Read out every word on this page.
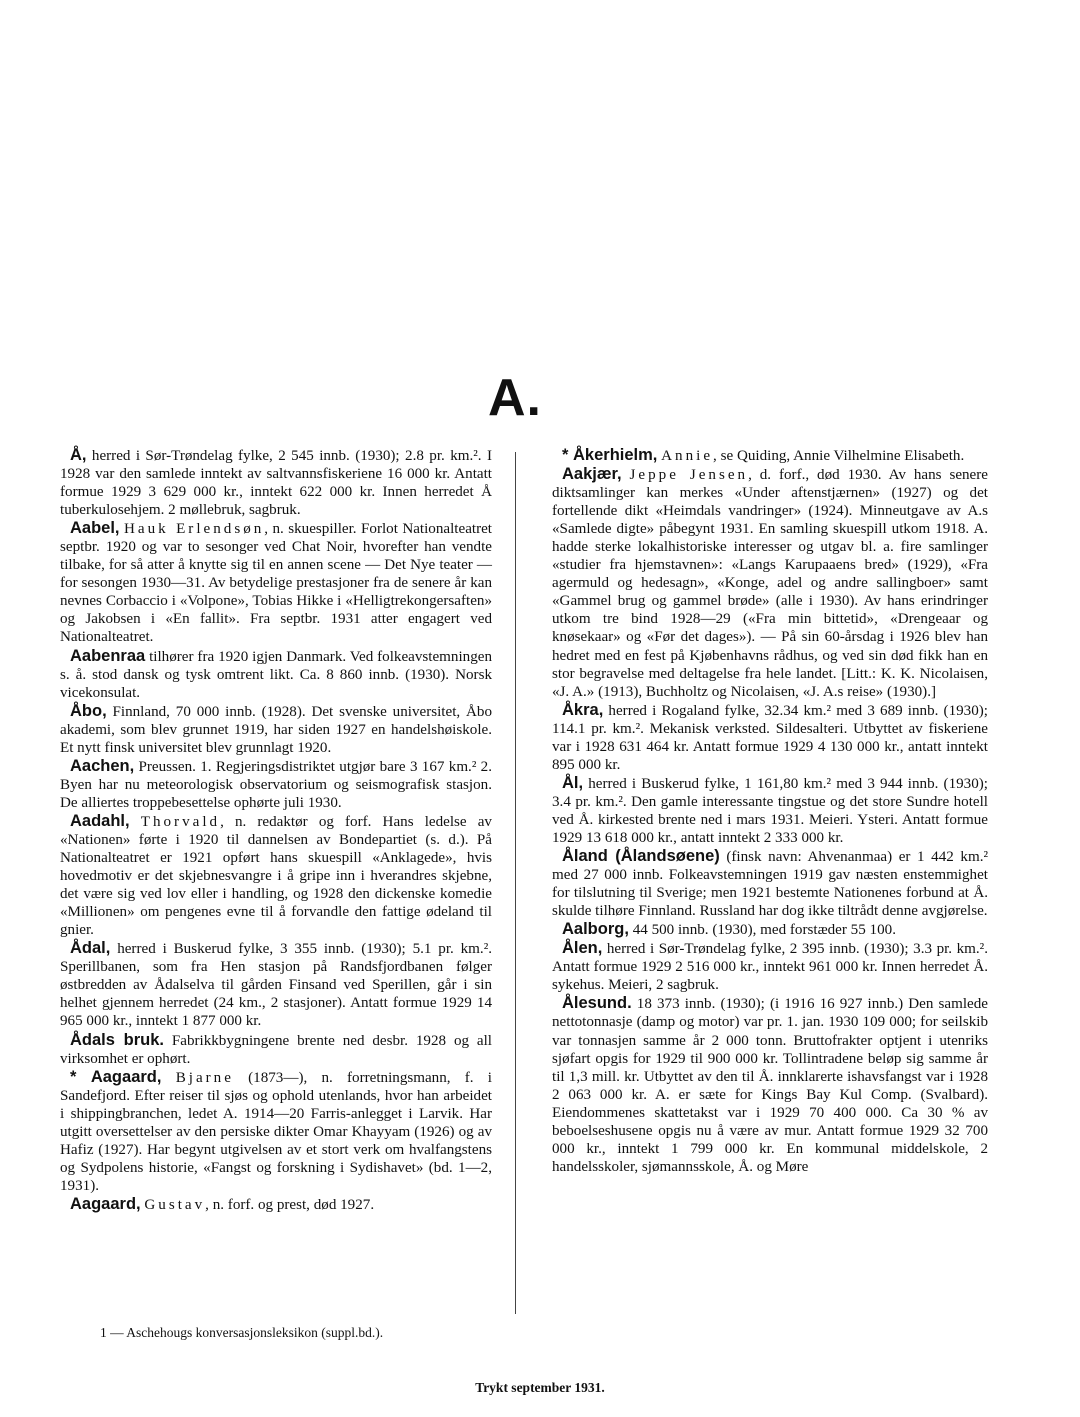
A.

Å, herred i Sør-Trøndelag fylke, 2 545 innb. (1930); 2.8 pr. km.². I 1928 var den samlede inntekt av saltvannsfiskeriene 16 000 kr. Antatt formue 1929 3 629 000 kr., inntekt 622 000 kr. Innen herredet Å tuberkulosehjem. 2 møllebruk, sagbruk.

Aabel, Hauk Erlendsøn, n. skuespiller. Forlot Nationalteatret septbr. 1920 og var to sesonger ved Chat Noir, hvorefter han vendte tilbake, for så atter å knytte sig til en annen scene — Det Nye teater — for sesongen 1930—31. Av betydelige prestasjoner fra de senere år kan nevnes Corbaccio i «Volpone», Tobias Hikke i «Helligtrekongersaften» og Jakobsen i «En fallit». Fra septbr. 1931 atter engagert ved Nationalteatret.

Aabenraa tilhører fra 1920 igjen Danmark. Ved folkeavstemningen s. å. stod dansk og tysk omtrent likt. Ca. 8 860 innb. (1930). Norsk vicekonsulat.

Åbo, Finnland, 70 000 innb. (1928). Det svenske universitet, Åbo akademi, som blev grunnet 1919, har siden 1927 en handelshøiskole. Et nytt finsk universitet blev grunnlagt 1920.

Aachen, Preussen. 1. Regjeringsdistriktet utgjør bare 3 167 km.² 2. Byen har nu meteorologisk observatorium og seismografisk stasjon. De alliertes troppebesettelse ophørte juli 1930.

Aadahl, Thorvald, n. redaktør og forf. Hans ledelse av «Nationen» førte i 1920 til dannelsen av Bondepartiet (s. d.). På Nationalteatret er 1921 opført hans skuespill «Anklagede», hvis hovedmotiv er det skjebnesvangre i å gripe inn i hverandres skjebne, det være sig ved lov eller i handling, og 1928 den dickenske komedie «Millionen» om pengenes evne til å forvandle den fattige ødeland til gnier.

Ådal, herred i Buskerud fylke, 3 355 innb. (1930); 5.1 pr. km.². Sperillbanen, som fra Hen stasjon på Randsfjordbanen følger østbredden av Ådalselva til gården Finsand ved Sperillen, går i sin helhet gjennem herredet (24 km., 2 stasjoner). Antatt formue 1929 14 965 000 kr., inntekt 1 877 000 kr.

Ådals bruk. Fabrikkbygningene brente ned desbr. 1928 og all virksomhet er ophørt.

* Aagaard, Bjarne (1873—), n. forretningsmann, f. i Sandefjord. Efter reiser til sjøs og ophold utenlands, hvor han arbeidet i shippingbranchen, ledet A. 1914—20 Farris-anlegget i Larvik. Har utgitt oversettelser av den persiske dikter Omar Khayyam (1926) og av Hafiz (1927). Har begynt utgivelsen av et stort verk om hvalfangstens og Sydpolens historie, «Fangst og forskning i Sydishavet» (bd. 1—2, 1931).

Aagaard, Gustav, n. forf. og prest, død 1927.

* Åkerhielm, Annie, se Quiding, Annie Vilhelmine Elisabeth.

Aakjær, Jeppe Jensen, d. forf., død 1930. Av hans senere diktsamlinger kan merkes «Under aftenstjærnen» (1927) og det fortellende dikt «Heimdals vandringer» (1924). Minneutgave av A.s «Samlede digte» påbegynt 1931. En samling skuespill utkom 1918. A. hadde sterke lokalhistoriske interesser og utgav bl. a. fire samlinger «studier fra hjemstavnen»: «Langs Karupaaens bred» (1929), «Fra agermuld og hedesagn», «Konge, adel og andre sallingboer» samt «Gammel brug og gammel brøde» (alle i 1930). Av hans erindringer utkom tre bind 1928—29 («Fra min bittetid», «Drengeaar og knøsekaar» og «Før det dages»). — På sin 60-årsdag i 1926 blev han hedret med en fest på Kjøbenhavns rådhus, og ved sin død fikk han en stor begravelse med deltagelse fra hele landet. [Litt.: K. K. Nicolaisen, «J. A.» (1913), Buchholtz og Nicolaisen, «J. A.s reise» (1930).]

Åkra, herred i Rogaland fylke, 32.34 km.² med 3 689 innb. (1930); 114.1 pr. km.². Mekanisk verksted. Sildesalteri. Utbyttet av fiskeriene var i 1928 631 464 kr. Antatt formue 1929 4 130 000 kr., antatt inntekt 895 000 kr.

Ål, herred i Buskerud fylke, 1 161,80 km.² med 3 944 innb. (1930); 3.4 pr. km.². Den gamle interessante tingstue og det store Sundre hotell ved Å. kirkested brente ned i mars 1931. Meieri. Ysteri. Antatt formue 1929 13 618 000 kr., antatt inntekt 2 333 000 kr.

Åland (Ålandsøene) (finsk navn: Ahvenanmaa) er 1 442 km.² med 27 000 innb. Folkeavstemningen 1919 gav næsten enstemmighet for tilslutning til Sverige; men 1921 bestemte Nationenes forbund at Å. skulde tilhøre Finnland. Russland har dog ikke tiltrådt denne avgjørelse.

Aalborg, 44 500 innb. (1930), med forstæder 55 100.

Ålen, herred i Sør-Trøndelag fylke, 2 395 innb. (1930); 3.3 pr. km.². Antatt formue 1929 2 516 000 kr., inntekt 961 000 kr. Innen herredet Å. sykehus. Meieri, 2 sagbruk.

Ålesund. 18 373 innb. (1930); (i 1916 16 927 innb.) Den samlede nettotonnasje (damp og motor) var pr. 1. jan. 1930 109 000; for seilskib var tonnasjen samme år 2 000 tonn. Bruttofrakter optjent i utenriks sjøfart opgis for 1929 til 900 000 kr. Tollintradene beløp sig samme år til 1,3 mill. kr. Utbyttet av den til Å. innklarerte ishavsfangst var i 1928 2 063 000 kr. A. er sæte for Kings Bay Kul Comp. (Svalbard). Eiendommenes skattetakst var i 1929 70 400 000. Ca 30 % av beboelseshusene opgis nu å være av mur. Antatt formue 1929 32 700 000 kr., inntekt 1 799 000 kr. En kommunal middelskole, 2 handelsskoler, sjømannsskole, Å. og Møre

1 — Aschehougs konversasjonsleksikon (suppl.bd.).
Trykt september 1931.
